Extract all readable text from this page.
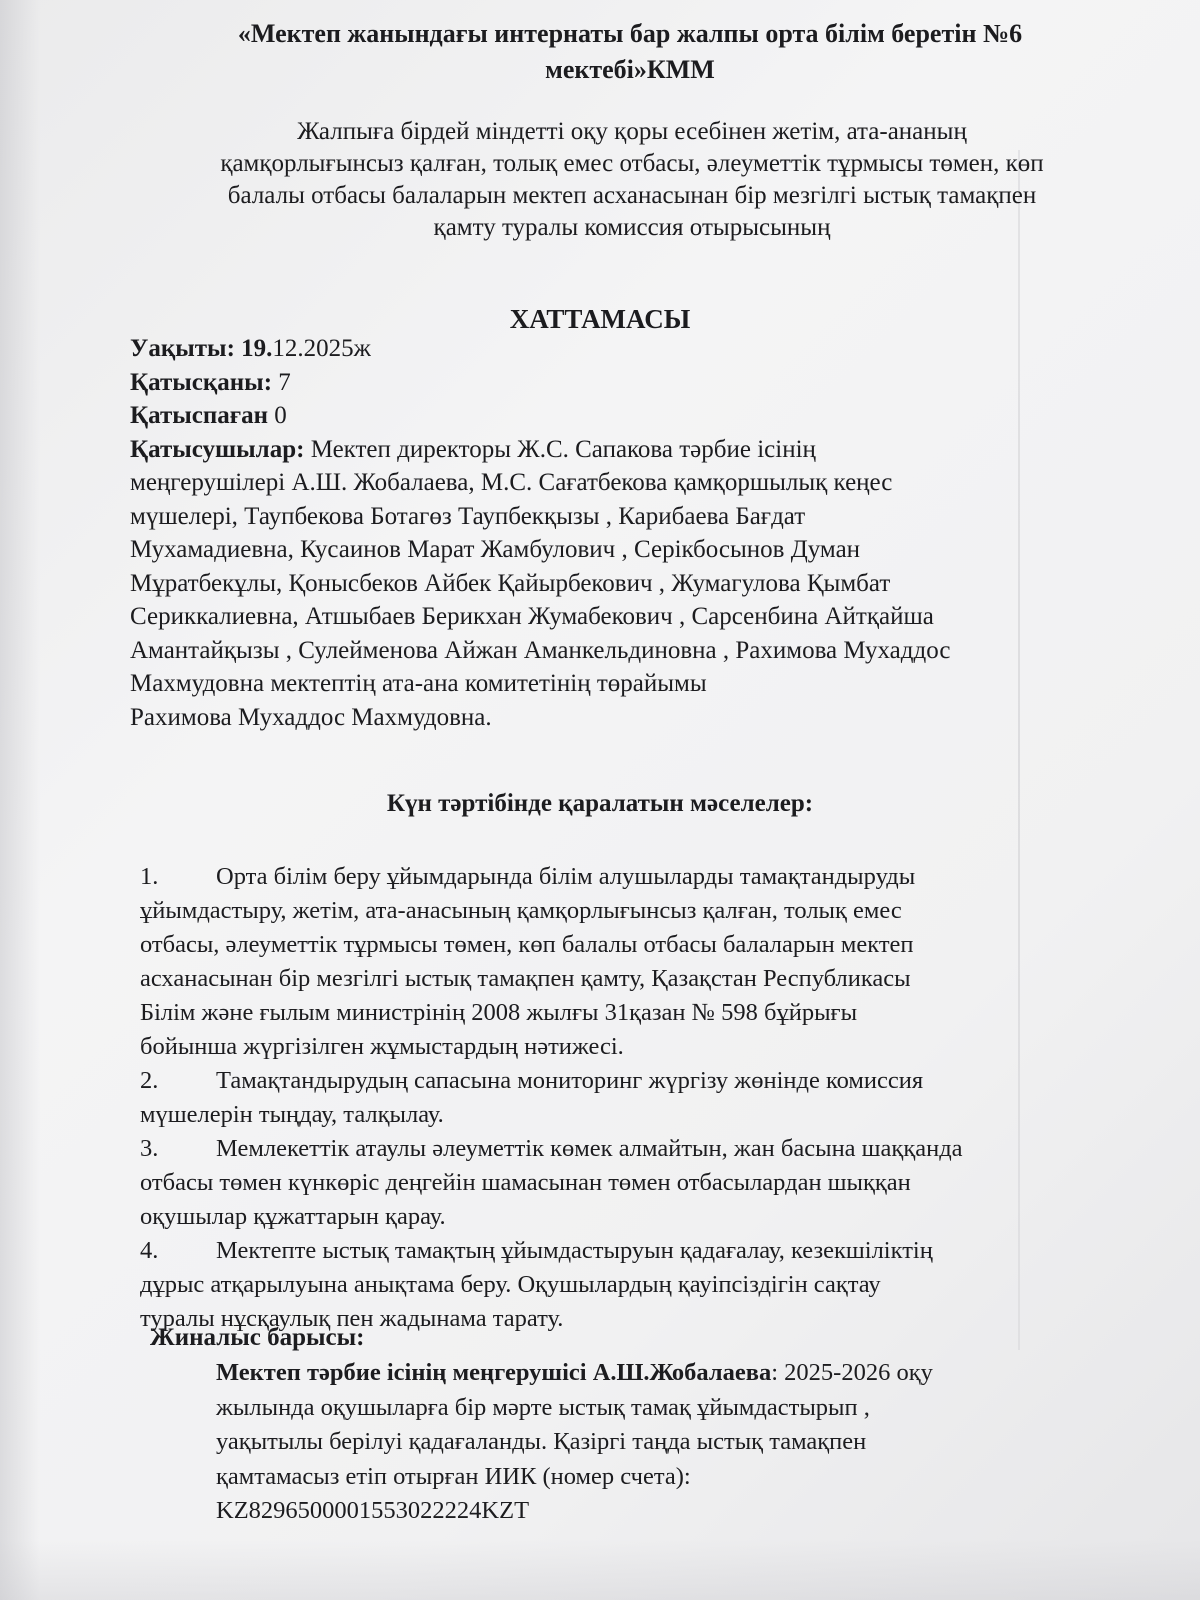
«Мектеп жанындағы интернаты бар жалпы орта білім беретін №6
мектебі»КММ
Жалпыға бірдей міндетті оқу қоры есебінен жетім, ата-ананың
қамқорлығынсыз қалған, толық емес отбасы, әлеуметтік тұрмысы төмен, көп
балалы отбасы балаларын мектеп асханасынан бір мезгілгі ыстық тамақпен
қамту туралы комиссия отырысының
ХАТТАМАСЫ
Уақыты: 19.12.2025ж
Қатысқаны: 7
Қатыспаған 0
Қатысушылар: Мектеп директоры Ж.С. Сапакова тәрбие ісінің
меңгерушілері А.Ш. Жобалаева, М.С. Сағатбекова қамқоршылық кеңес
мүшелері, Таупбекова Ботагөз Таупбекқызы , Карибаева Бағдат
Мухамадиевна, Кусаинов Марат Жамбулович , Серікбосынов Думан
Мұратбекұлы, Қонысбеков Айбек Қайырбекович , Жумагулова Қымбат
Сериккалиевна, Атшыбаев Берикхан Жумабекович , Сарсенбина Айтқайша
Амантайқызы , Сулейменова Айжан Аманкельдиновна , Рахимова Мухаддос
Махмудовна мектептің ата-ана комитетінің төрайымы
Рахимова Мухаддос Махмудовна.
Күн тәртібінде қаралатын мәселелер:
1. Орта білім беру ұйымдарында білім алушыларды тамақтандыруды
ұйымдастыру, жетім, ата-анасының қамқорлығынсыз қалған, толық емес
отбасы, әлеуметтік тұрмысы төмен, көп балалы отбасы балаларын мектеп
асханасынан бір мезгілгі ыстық тамақпен қамту, Қазақстан Республикасы
Білім және ғылым министрінің 2008 жылғы 31қазан № 598 бұйрығы
бойынша жүргізілген жұмыстардың нәтижесі.
2. Тамақтандырудың сапасына мониторинг жүргізу жөнінде комиссия
мүшелерін тыңдау, талқылау.
3. Мемлекеттік атаулы әлеуметтік көмек алмайтын, жан басына шаққанда
отбасы төмен күнкөріс деңгейін шамасынан төмен отбасылардан шыққан
оқушылар құжаттарын қарау.
4. Мектепте ыстық тамақтың ұйымдастыруын қадағалау, кезекшіліктің
дұрыс атқарылуына анықтама беру. Оқушылардың қауіпсіздігін сақтау
туралы нұсқаулық пен жадынама тарату.
Жиналыс барысы:
Мектеп тәрбие ісінің меңгерушісі А.Ш.Жобалаева: 2025-2026 оқу
жылында оқушыларға бір мәрте ыстық тамақ ұйымдастырып ,
уақытылы берілуі қадағаланды. Қазіргі таңда ыстық тамақпен
қамтамасыз етіп отырған ИИК (номер счета):
KZ8296500001553022224KZT
